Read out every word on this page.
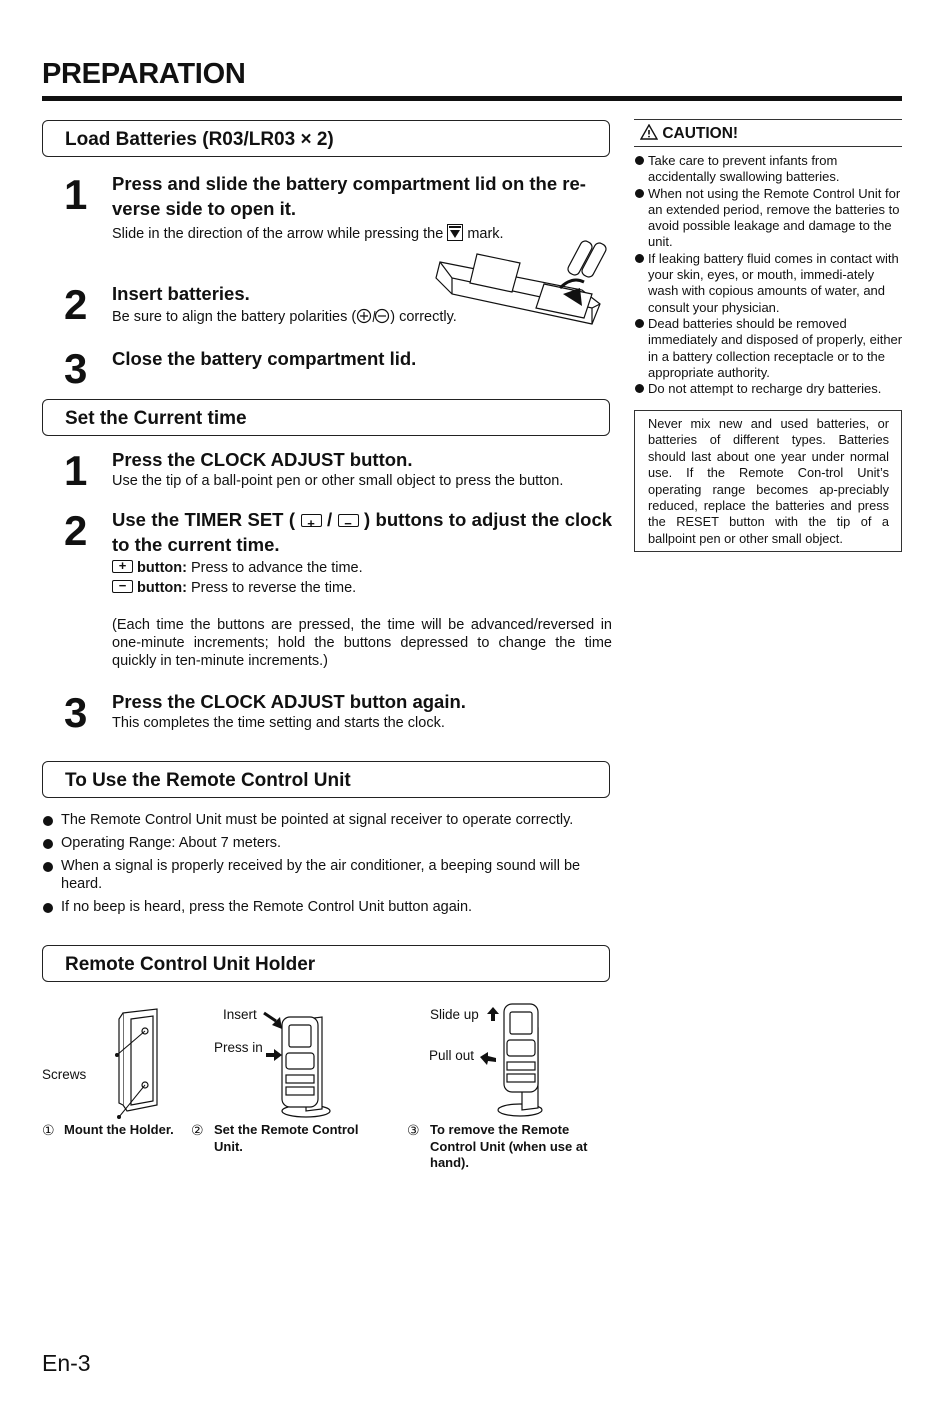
PREPARATION
Load Batteries (R03/LR03 × 2)
1 Press and slide the battery compartment lid on the re-verse side to open it.
Slide in the direction of the arrow while pressing the mark.
2 Insert batteries.
Be sure to align the battery polarities ( ) correctly.
3 Close the battery compartment lid.
Set the Current time
1 Press the CLOCK ADJUST button.
Use the tip of a ball-point pen or other small object to press the button.
2 Use the TIMER SET ( + / − ) buttons to adjust the clock to the current time.
+ button: Press to advance the time.
− button: Press to reverse the time.
(Each time the buttons are pressed, the time will be advanced/reversed in one-minute increments; hold the buttons depressed to change the time quickly in ten-minute increments.)
3 Press the CLOCK ADJUST button again.
This completes the time setting and starts the clock.
To Use the Remote Control Unit
The Remote Control Unit must be pointed at signal receiver to operate correctly.
Operating Range: About 7 meters.
When a signal is properly received by the air conditioner, a beeping sound will be heard.
If no beep is heard, press the Remote Control Unit button again.
Remote Control Unit Holder
Screws
Insert
Press in
Slide up
Pull out
① Mount the Holder.	② Set the Remote Control Unit.
③ To remove the Remote Control Unit (when use at hand).
CAUTION!
Take care to prevent infants from accidentally swallowing batteries.
When not using the Remote Control Unit for an extended period, remove the batteries to avoid possible leakage and damage to the unit.
If leaking battery fluid comes in contact with your skin, eyes, or mouth, immedi-ately wash with copious amounts of water, and consult your physician.
Dead batteries should be removed immediately and disposed of properly, either in a battery collection receptacle or to the appropriate authority.
Do not attempt to recharge dry batteries.
Never mix new and used batteries, or batteries of different types. Batteries should last about one year under normal use. If the Remote Con-trol Unit’s operating range becomes ap-preciably reduced, replace the batteries and press the RESET button with the tip of a ballpoint pen or other small object.
En-3
